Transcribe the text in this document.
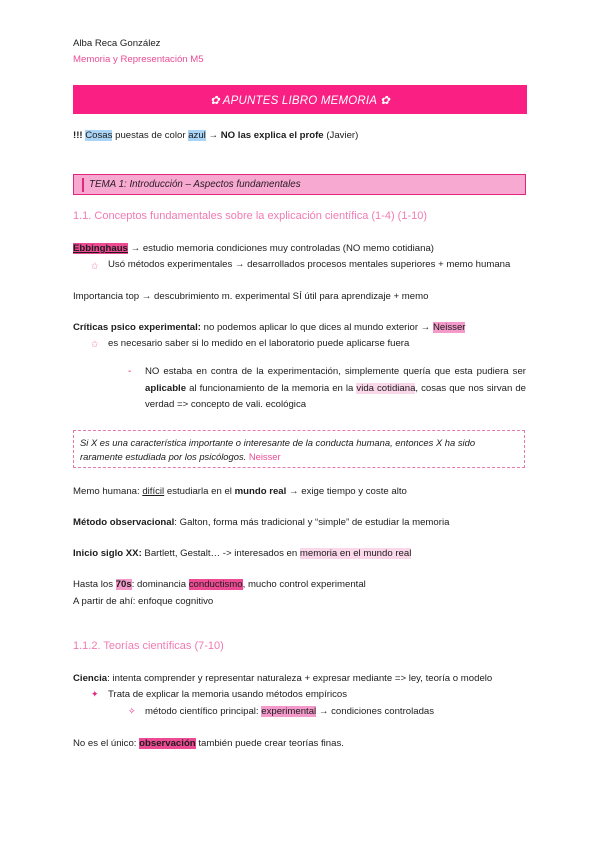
Alba Reca González
Memoria y Representación M5
✿ APUNTES LIBRO MEMORIA ✿
!!! Cosas puestas de color azul → NO las explica el profe (Javier)
TEMA 1: Introducción – Aspectos fundamentales
1.1. Conceptos fundamentales sobre la explicación científica (1-4) (1-10)
Ebbinghaus → estudio memoria condiciones muy controladas (NO memo cotidiana)
✩ Usó métodos experimentales → desarrollados procesos mentales superiores + memo humana
Importancia top → descubrimiento m. experimental SÍ útil para aprendizaje + memo
Críticas psico experimental: no podemos aplicar lo que dices al mundo exterior → Neisser
✩ es necesario saber si lo medido en el laboratorio puede aplicarse fuera
- NO estaba en contra de la experimentación, simplemente quería que esta pudiera ser aplicable al funcionamiento de la memoria en la vida cotidiana, cosas que nos sirvan de verdad => concepto de vali. ecológica
Si X es una característica importante o interesante de la conducta humana, entonces X ha sido raramente estudiada por los psicólogos. Neisser
Memo humana: difícil estudiarla en el mundo real → exige tiempo y coste alto
Método observacional: Galton, forma más tradicional y “simple” de estudiar la memoria
Inicio siglo XX: Bartlett, Gestalt… -> interesados en memoria en el mundo real
Hasta los 70s: dominancia conductismo, mucho control experimental
A partir de ahí: enfoque cognitivo
1.1.2. Teorías científicas (7-10)
Ciencia: intenta comprender y representar naturaleza + expresar mediante => ley, teoría o modelo
✦ Trata de explicar la memoria usando métodos empíricos
✧ método científico principal: experimental → condiciones controladas
No es el único: observación también puede crear teorías finas.
